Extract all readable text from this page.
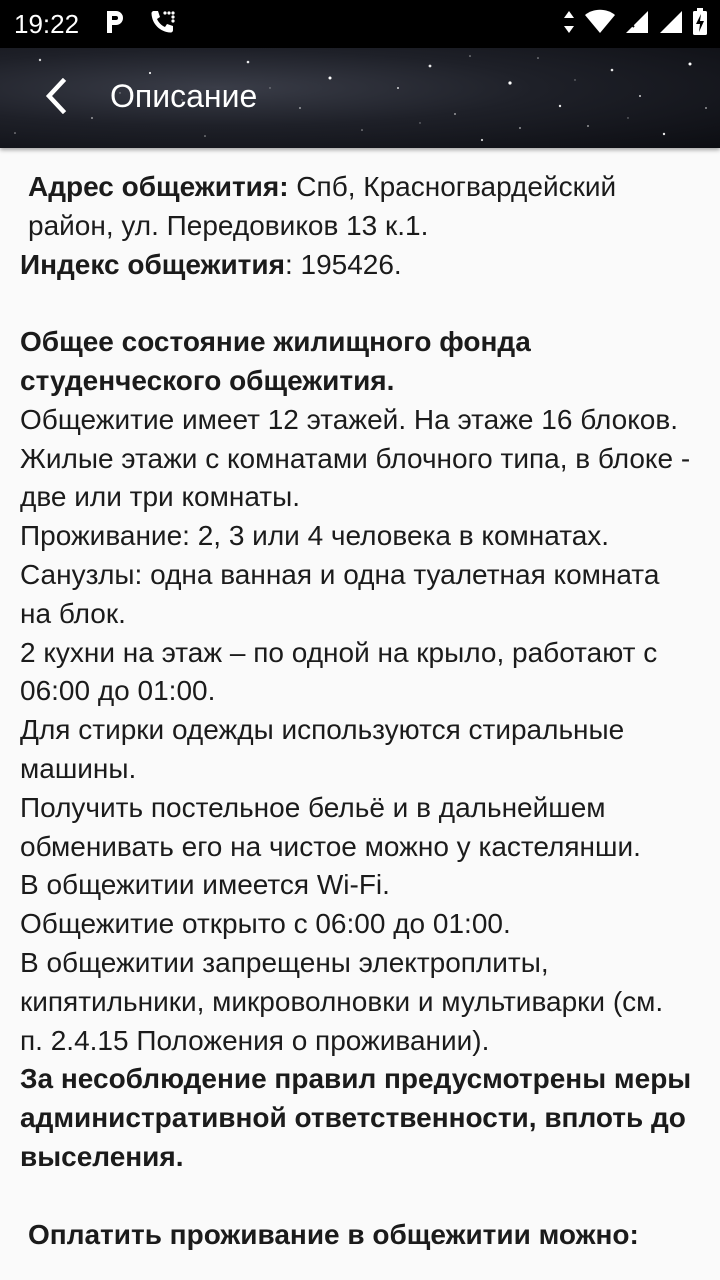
19:22
Описание

Адрес общежития: Спб, Красногвардейский район, ул. Передовиков 13 к.1.

Индекс общежития: 195426.

Общее состояние жилищного фонда студенческого общежития.

Общежитие имеет 12 этажей. На этаже 16 блоков. Жилые этажи с комнатами блочного типа, в блоке - две или три комнаты.

Проживание: 2, 3 или 4 человека в комнатах.

Санузлы: одна ванная и одна туалетная комната на блок.

2 кухни на этаж – по одной на крыло, работают с 06:00 до 01:00.

Для стирки одежды используются стиральные машины.

Получить постельное бельё и в дальнейшем обменивать его на чистое можно у кастелянши.

В общежитии имеется Wi-Fi.

Общежитие открыто с 06:00 до 01:00.

В общежитии запрещены электроплиты, кипятильники, микроволновки и мультиварки (см. п. 2.4.15 Положения о проживании).

За несоблюдение правил предусмотрены меры административной ответственности, вплоть до выселения.

Оплатить проживание в общежитии можно:
